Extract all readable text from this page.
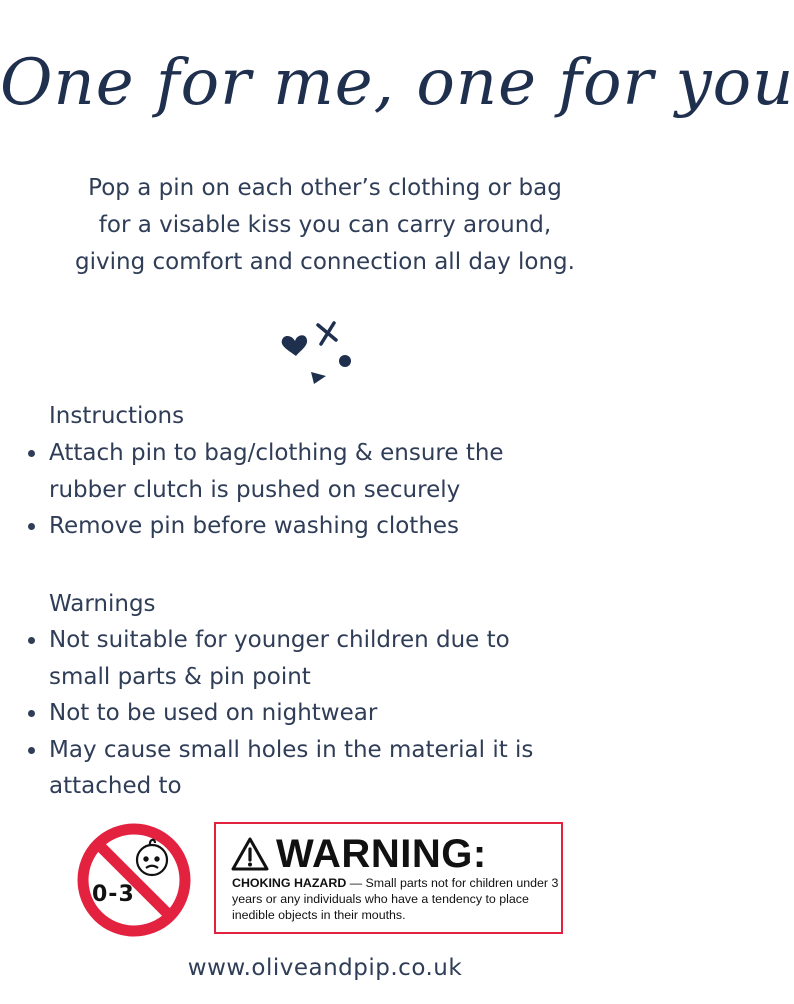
One for me, one for you

Pop a pin on each other’s clothing or bag

for a visable kiss you can carry around,

giving comfort and connection all day long.

Instructions
Attach pin to bag/clothing & ensure the
rubber clutch is pushed on securely
Remove pin before washing clothes
Warnings
Not suitable for younger children due to
small parts & pin point
Not to be used on nightwear
May cause small holes in the material it is
attached to
0-3
WARNING:
CHOKING HAZARD — Small parts not for children under 3 years or any individuals who have a tendency to place inedible objects in their mouths.
www.oliveandpip.co.uk
